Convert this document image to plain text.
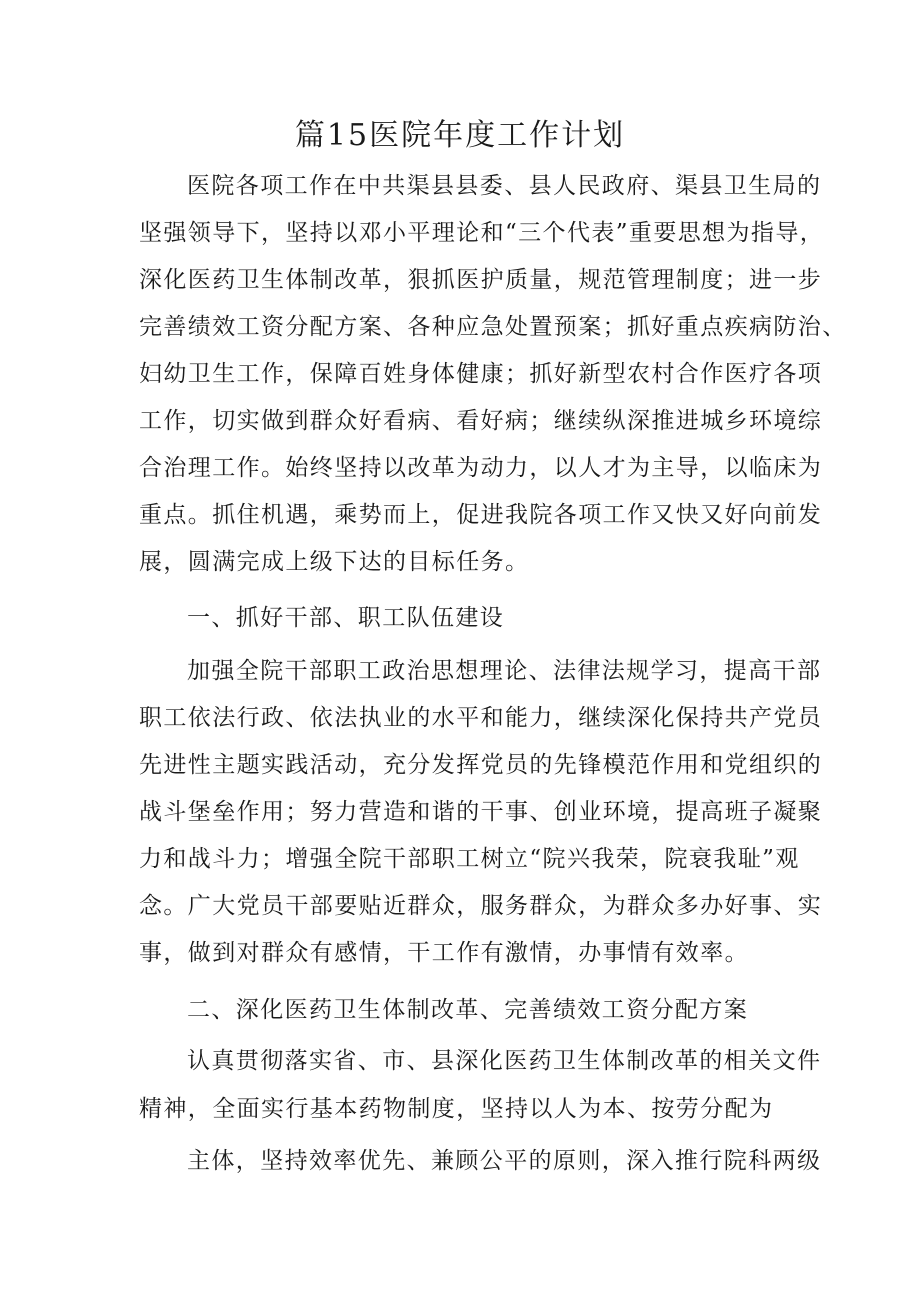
篇15医院年度工作计划
医院各项工作在中共渠县县委、县人民政府、渠县卫生局的
坚强领导下，坚持以邓小平理论和“三个代表”重要思想为指导，
深化医药卫生体制改革，狠抓医护质量，规范管理制度；进一步
完善绩效工资分配方案、各种应急处置预案；抓好重点疾病防治、
妇幼卫生工作，保障百姓身体健康；抓好新型农村合作医疗各项
工作，切实做到群众好看病、看好病；继续纵深推进城乡环境综
合治理工作。始终坚持以改革为动力，以人才为主导，以临床为
重点。抓住机遇，乘势而上，促进我院各项工作又快又好向前发
展，圆满完成上级下达的目标任务。
一、抓好干部、职工队伍建设
加强全院干部职工政治思想理论、法律法规学习，提高干部
职工依法行政、依法执业的水平和能力，继续深化保持共产党员
先进性主题实践活动，充分发挥党员的先锋模范作用和党组织的
战斗堡垒作用；努力营造和谐的干事、创业环境，提高班子凝聚
力和战斗力；增强全院干部职工树立“院兴我荣，院衰我耻”观
念。广大党员干部要贴近群众，服务群众，为群众多办好事、实
事，做到对群众有感情，干工作有激情，办事情有效率。
二、深化医药卫生体制改革、完善绩效工资分配方案
认真贯彻落实省、市、县深化医药卫生体制改革的相关文件
精神，全面实行基本药物制度，坚持以人为本、按劳分配为
主体，坚持效率优先、兼顾公平的原则，深入推行院科两级
